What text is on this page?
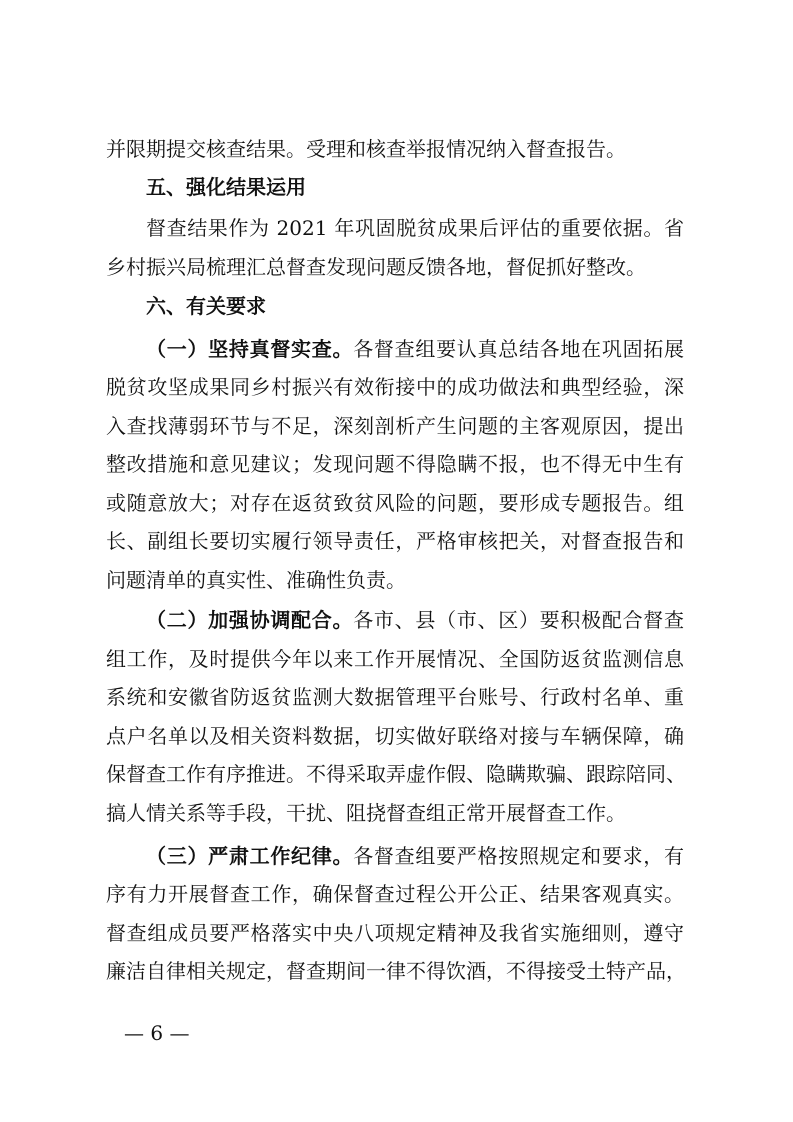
并限期提交核查结果。受理和核查举报情况纳入督查报告。
五、强化结果运用
督查结果作为 2021 年巩固脱贫成果后评估的重要依据。省
乡村振兴局梳理汇总督查发现问题反馈各地，督促抓好整改。
六、有关要求
（一）坚持真督实查。各督查组要认真总结各地在巩固拓展
脱贫攻坚成果同乡村振兴有效衔接中的成功做法和典型经验，深
入查找薄弱环节与不足，深刻剖析产生问题的主客观原因，提出
整改措施和意见建议；发现问题不得隐瞒不报，也不得无中生有
或随意放大；对存在返贫致贫风险的问题，要形成专题报告。组
长、副组长要切实履行领导责任，严格审核把关，对督查报告和
问题清单的真实性、准确性负责。
（二）加强协调配合。各市、县（市、区）要积极配合督查
组工作，及时提供今年以来工作开展情况、全国防返贫监测信息
系统和安徽省防返贫监测大数据管理平台账号、行政村名单、重
点户名单以及相关资料数据，切实做好联络对接与车辆保障，确
保督查工作有序推进。不得采取弄虚作假、隐瞒欺骗、跟踪陪同、
搞人情关系等手段，干扰、阻挠督查组正常开展督查工作。
（三）严肃工作纪律。各督查组要严格按照规定和要求，有
序有力开展督查工作，确保督查过程公开公正、结果客观真实。
督查组成员要严格落实中央八项规定精神及我省实施细则，遵守
廉洁自律相关规定，督查期间一律不得饮酒，不得接受土特产品，
— 6 —
